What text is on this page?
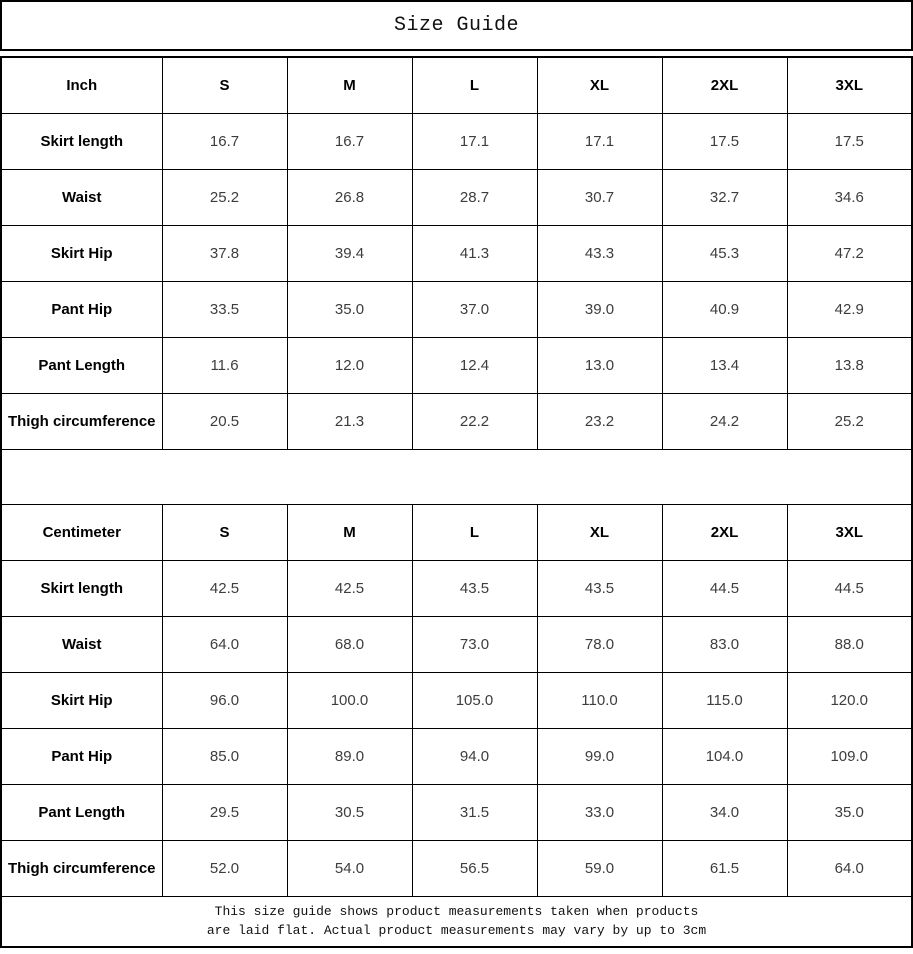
Size Guide
Inch	S	M	L	XL	2XL	3XL
Skirt length	16.7	16.7	17.1	17.1	17.5	17.5
Waist	25.2	26.8	28.7	30.7	32.7	34.6
Skirt Hip	37.8	39.4	41.3	43.3	45.3	47.2
Pant Hip	33.5	35.0	37.0	39.0	40.9	42.9
Pant Length	11.6	12.0	12.4	13.0	13.4	13.8
Thigh circumference	20.5	21.3	22.2	23.2	24.2	25.2

Centimeter	S	M	L	XL	2XL	3XL
Skirt length	42.5	42.5	43.5	43.5	44.5	44.5
Waist	64.0	68.0	73.0	78.0	83.0	88.0
Skirt Hip	96.0	100.0	105.0	110.0	115.0	120.0
Pant Hip	85.0	89.0	94.0	99.0	104.0	109.0
Pant Length	29.5	30.5	31.5	33.0	34.0	35.0
Thigh circumference	52.0	54.0	56.5	59.0	61.5	64.0

This size guide shows product measurements taken when products
are laid flat. Actual product measurements may vary by up to 3cm						
